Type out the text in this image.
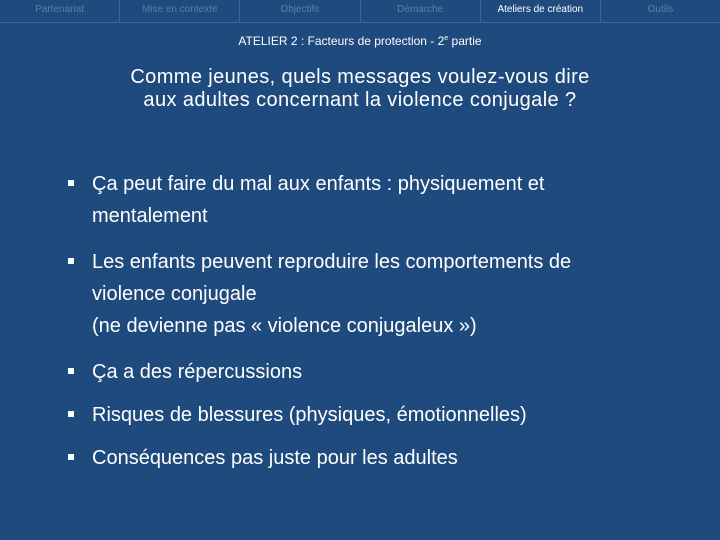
Partenariat	Mise en contexte	Objectifs	Démarche	Ateliers de création	Outils
ATELIER 2 : Facteurs de protection - 2e partie
Comme jeunes, quels messages voulez-vous dire
aux adultes concernant la violence conjugale ?
Ça peut faire du mal aux enfants : physiquement et
mentalement
Les enfants peuvent reproduire les comportements de
violence conjugale
(ne devienne pas « violence conjugaleux »)
Ça a des répercussions
Risques de blessures (physiques, émotionnelles)
Conséquences pas juste pour les adultes
